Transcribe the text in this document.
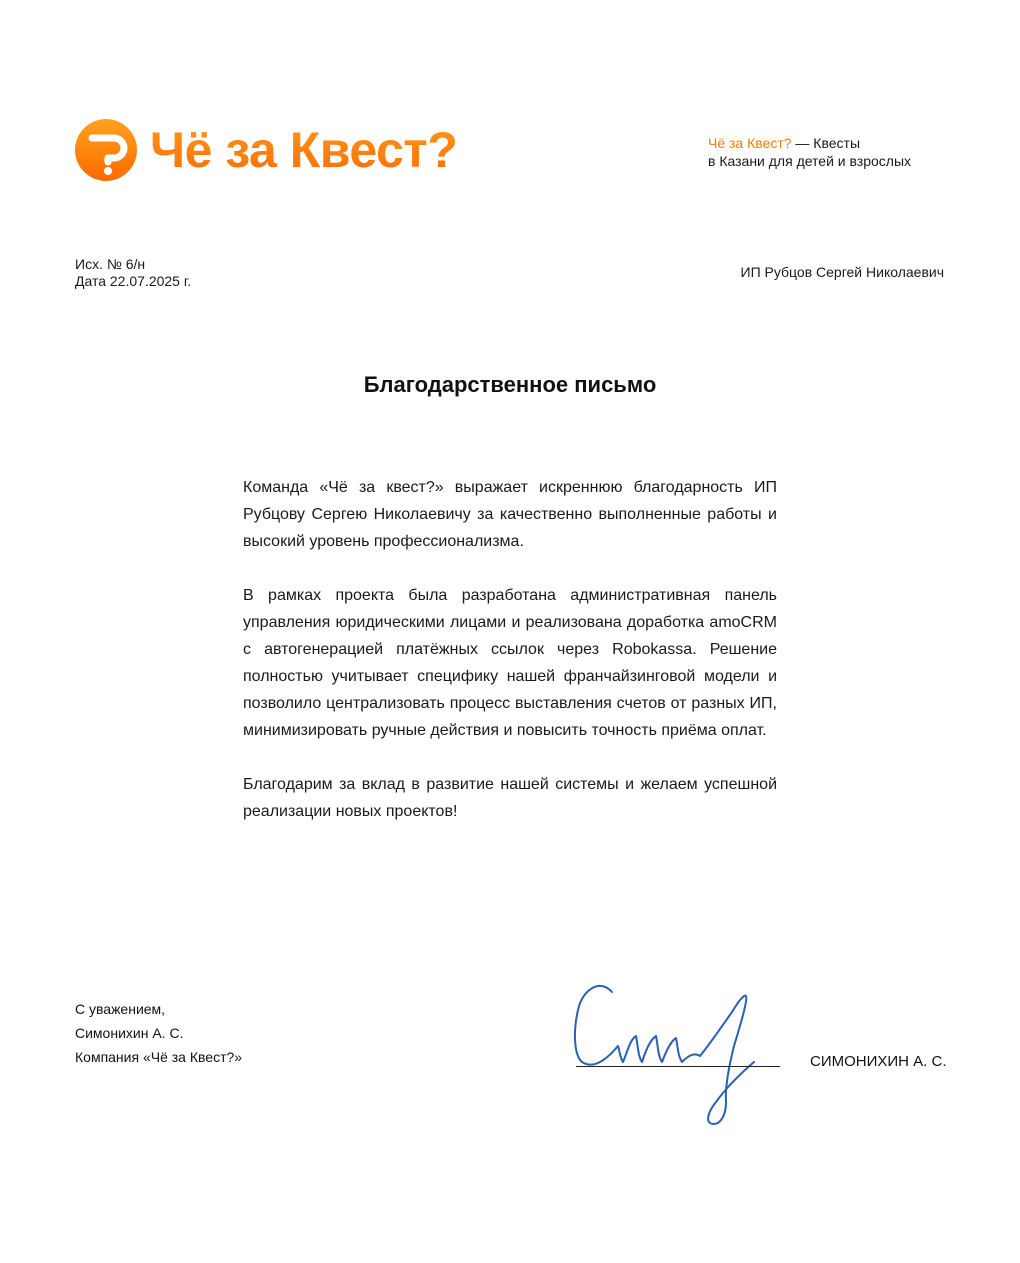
Чё за Квест?	Чё за Квест? — Квесты
в Казани для детей и взрослых
Исх. № 6/н
Дата 22.07.2025 г.
ИП Рубцов Сергей Николаевич
Благодарственное письмо

Команда «Чё за квест?» выражает искреннюю благодарность ИП Рубцову Сергею Николаевичу за качественно выполненные работы и высокий уровень профессионализма.

В рамках проекта была разработана административная панель управления юридическими лицами и реализована доработка amoCRM с автогенерацией платёжных ссылок через Robokassa. Решение полностью учитывает специфику нашей франчайзинговой модели и позволило централизовать процесс выставления счетов от разных ИП, минимизировать ручные действия и повысить точность приёма оплат.

Благодарим за вклад в развитие нашей системы и желаем успешной реализации новых проектов!

С уважением,
Симонихин А. С.
Компания «Чё за Квест?»	СИМОНИХИН А. С.
